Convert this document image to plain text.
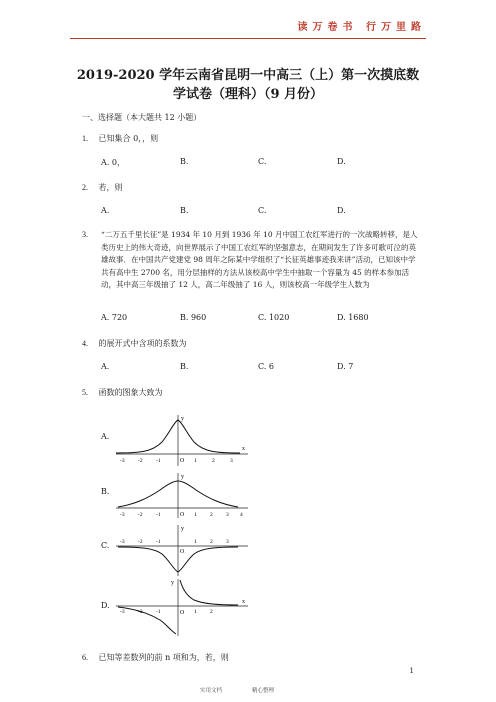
读万卷书 行万里路
2019-2020 学年云南省昆明一中高三（上）第一次摸底数
学试卷（理科）（9 月份）
一、选择题（本大题共 12 小题）
1. 已知集合 0，，则
A. 0，	B.	C.	D.
2. 若，则
A.	B.	C.	D.
3. “二万五千里长征”是 1934 年 10 月到 1936 年 10 月中国工农红军进行的一次战略转移，是人类历史上的伟大奇迹，向世界展示了中国工农红军的坚强意志，在期间发生了许多可歌可泣的英雄故事．在中国共产党建党 98 周年之际某中学组织了“长征英雄事迹我来讲”活动，已知该中学共有高中生 2700 名，用分层抽样的方法从该校高中学生中抽取一个容量为 45 的样本参加活动，其中高三年级抽了 12 人，高二年级抽了 16 人，则该校高一年级学生人数为
A. 720	B. 960	C. 1020	D. 1680
4. 的展开式中含项的系数为
A.	B.	C. 6	D. 7
5. 函数的图象大致为
A.
y
x
O
-3 -2 -1	1	2	3
B.
y
O
-3 -2 -1	1 2 3 4
C.
y
O
-3 -2 -1	1 2 3
D.
y
x
O
-3 -2 -1	1 2
6. 已知等差数列的前 n 项和为，若，则
1
实用文档	精心整理
